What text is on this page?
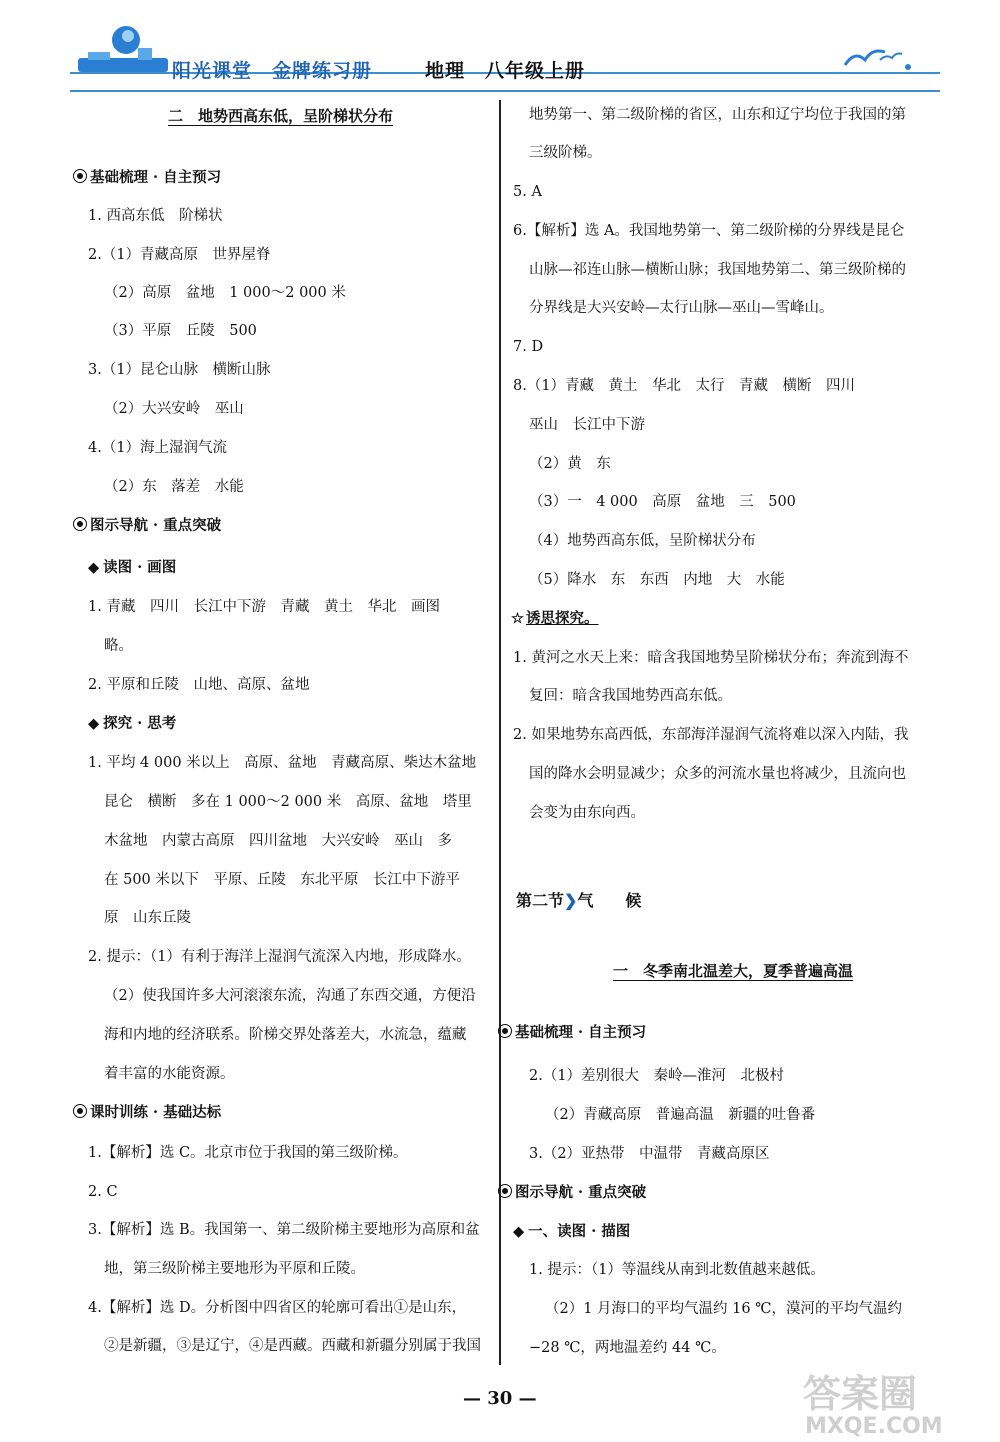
阳光课堂　金牌练习册	地理　八年级上册
二　地势西高东低，呈阶梯状分布
基础梳理 · 自主预习
1. 西高东低　阶梯状
2.（1）青藏高原　世界屋脊
（2）高原　盆地　1 000～2 000 米
（3）平原　丘陵　500
3.（1）昆仑山脉　横断山脉
（2）大兴安岭　巫山
4.（1）海上湿润气流
（2）东　落差　水能
图示导航 · 重点突破
◆ 读图 · 画图
1. 青藏　四川　长江中下游　青藏　黄土　华北　画图
略。
2. 平原和丘陵　山地、高原、盆地
◆ 探究 · 思考
1. 平均 4 000 米以上　高原、盆地　青藏高原、柴达木盆地
昆仑　横断　多在 1 000～2 000 米　高原、盆地　塔里
木盆地　内蒙古高原　四川盆地　大兴安岭　巫山　多
在 500 米以下　平原、丘陵　东北平原　长江中下游平
原　山东丘陵
2. 提示：（1）有利于海洋上湿润气流深入内地，形成降水。
（2）使我国许多大河滚滚东流，沟通了东西交通，方便沿
海和内地的经济联系。阶梯交界处落差大，水流急，蕴藏
着丰富的水能资源。
课时训练 · 基础达标
1.【解析】选 C。北京市位于我国的第三级阶梯。
2. C
3.【解析】选 B。我国第一、第二级阶梯主要地形为高原和盆
地，第三级阶梯主要地形为平原和丘陵。
4.【解析】选 D。分析图中四省区的轮廓可看出①是山东，
②是新疆，③是辽宁，④是西藏。西藏和新疆分别属于我国
地势第一、第二级阶梯的省区，山东和辽宁均位于我国的第
三级阶梯。
5. A
6.【解析】选 A。我国地势第一、第二级阶梯的分界线是昆仑
山脉—祁连山脉—横断山脉；我国地势第二、第三级阶梯的
分界线是大兴安岭—太行山脉—巫山—雪峰山。
7. D
8.（1）青藏　黄土　华北　太行　青藏　横断　四川
巫山　长江中下游
（2）黄　东
（3）一　4 000　高原　盆地　三　500
（4）地势西高东低，呈阶梯状分布
（5）降水　东　东西　内地　大　水能
☆ 诱思探究。
1. 黄河之水天上来：暗含我国地势呈阶梯状分布；奔流到海不
复回：暗含我国地势西高东低。
2. 如果地势东高西低，东部海洋湿润气流将难以深入内陆，我
国的降水会明显减少；众多的河流水量也将减少，且流向也
会变为由东向西。
第二节❯气　　候
一　冬季南北温差大，夏季普遍高温
基础梳理 · 自主预习
2.（1）差别很大　秦岭—淮河　北极村
（2）青藏高原　普遍高温　新疆的吐鲁番
3.（2）亚热带　中温带　青藏高原区
图示导航 · 重点突破
◆ 一、读图 · 描图
1. 提示：（1）等温线从南到北数值越来越低。
（2）1 月海口的平均气温约 16 ℃，漠河的平均气温约
−28 ℃，两地温差约 44 ℃。
— 30 —	答案圈
MXQE.COM
